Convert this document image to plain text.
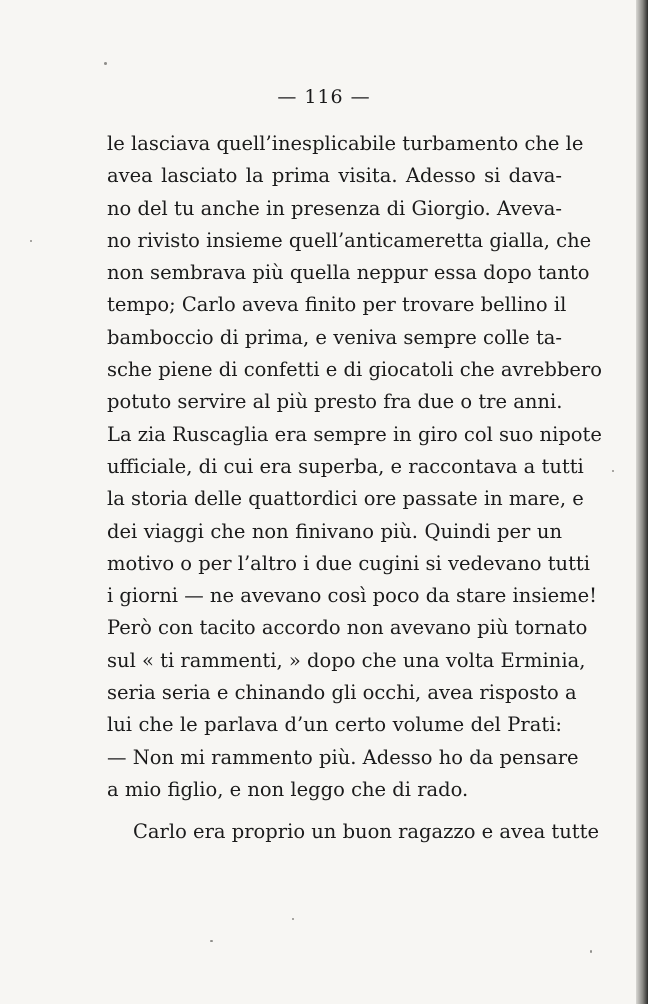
— 116 —
le lasciava quell’inesplicabile turbamento che le
avea lasciato la prima visita. Adesso si dava-
no del tu anche in presenza di Giorgio. Aveva-
no rivisto insieme quell’anticameretta gialla, che
non sembrava più quella neppur essa dopo tanto
tempo; Carlo aveva finito per trovare bellino il
bamboccio di prima, e veniva sempre colle ta-
sche piene di confetti e di giocatoli che avrebbero
potuto servire al più presto fra due o tre anni.
La zia Ruscaglia era sempre in giro col suo nipote
ufficiale, di cui era superba, e raccontava a tutti
la storia delle quattordici ore passate in mare, e
dei viaggi che non finivano più. Quindi per un
motivo o per l’altro i due cugini si vedevano tutti
i giorni — ne avevano così poco da stare insieme!
Però con tacito accordo non avevano più tornato
sul « ti rammenti, » dopo che una volta Erminia,
seria seria e chinando gli occhi, avea risposto a
lui che le parlava d’un certo volume del Prati:
— Non mi rammento più. Adesso ho da pensare
a mio figlio, e non leggo che di rado.
Carlo era proprio un buon ragazzo e avea tutte
